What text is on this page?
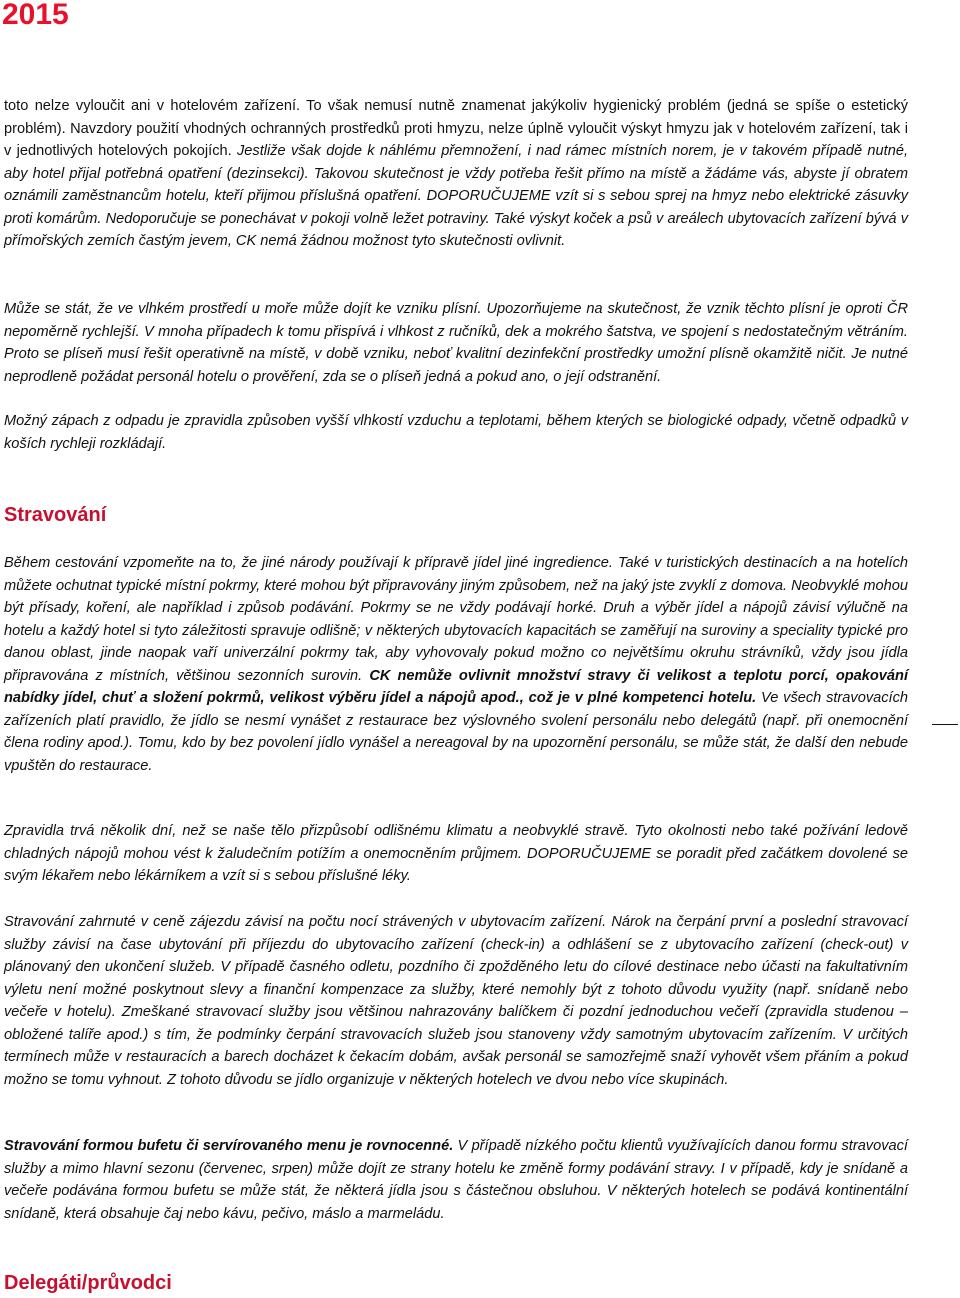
2015

toto nelze vyloučit ani v hotelovém zařízení. To však nemusí nutně znamenat jakýkoliv hygienický problém (jedná se spíše o estetický problém). Navzdory použití vhodných ochranných prostředků proti hmyzu, nelze úplně vyloučit výskyt hmyzu jak v hotelovém zařízení, tak i v jednotlivých hotelových pokojích. Jestliže však dojde k náhlému přemnožení, i nad rámec místních norem, je v takovém případě nutné, aby hotel přijal potřebná opatření (dezinsekci). Takovou skutečnost je vždy potřeba řešit přímo na místě a žádáme vás, abyste jí obratem oznámili zaměstnancům hotelu, kteří přijmou příslušná opatření. DOPORUČUJEME vzít si s sebou sprej na hmyz nebo elektrické zásuvky proti komárům. Nedoporučuje se ponechávat v pokoji volně ležet potraviny. Také výskyt koček a psů v areálech ubytovacích zařízení bývá v přímořských zemích častým jevem, CK nemá žádnou možnost tyto skutečnosti ovlivnit.

Může se stát, že ve vlhkém prostředí u moře může dojít ke vzniku plísní. Upozorňujeme na skutečnost, že vznik těchto plísní je oproti ČR nepoměrně rychlejší. V mnoha případech k tomu přispívá i vlhkost z ručníků, dek a mokrého šatstva, ve spojení s nedostatečným větráním. Proto se plíseň musí řešit operativně na místě, v době vzniku, neboť kvalitní dezinfekční prostředky umožní plísně okamžitě ničit. Je nutné neprodleně požádat personál hotelu o prověření, zda se o plíseň jedná a pokud ano, o její odstranění.

Možný zápach z odpadu je zpravidla způsoben vyšší vlhkostí vzduchu a teplotami, během kterých se biologické odpady, včetně odpadků v koších rychleji rozkládají.

Stravování

Během cestování vzpomeňte na to, že jiné národy používají k přípravě jídel jiné ingredience. Také v turistických destinacích a na hotelích můžete ochutnat typické místní pokrmy, které mohou být připravovány jiným způsobem, než na jaký jste zvyklí z domova. Neobvyklé mohou být přísady, koření, ale například i způsob podávání. Pokrmy se ne vždy podávají horké. Druh a výběr jídel a nápojů závisí výlučně na hotelu a každý hotel si tyto záležitosti spravuje odlišně; v některých ubytovacích kapacitách se zaměřují na suroviny a speciality typické pro danou oblast, jinde naopak vaří univerzální pokrmy tak, aby vyhovovaly pokud možno co největšímu okruhu strávníků, vždy jsou jídla připravována z místních, většinou sezonních surovin. CK nemůže ovlivnit množství stravy či velikost a teplotu porcí, opakování nabídky jídel, chuť a složení pokrmů, velikost výběru jídel a nápojů apod., což je v plné kompetenci hotelu. Ve všech stravovacích zařízeních platí pravidlo, že jídlo se nesmí vynášet z restaurace bez výslovného svolení personálu nebo delegátů (např. při onemocnění člena rodiny apod.). Tomu, kdo by bez povolení jídlo vynášel a nereagoval by na upozornění personálu, se může stát, že další den nebude vpuštěn do restaurace.

Zpravidla trvá několik dní, než se naše tělo přizpůsobí odlišnému klimatu a neobvyklé stravě. Tyto okolnosti nebo také požívání ledově chladných nápojů mohou vést k žaludečním potížím a onemocněním průjmem. DOPORUČUJEME se poradit před začátkem dovolené se svým lékařem nebo lékárníkem a vzít si s sebou příslušné léky.

Stravování zahrnuté v ceně zájezdu závisí na počtu nocí strávených v ubytovacím zařízení. Nárok na čerpání první a poslední stravovací služby závisí na čase ubytování při příjezdu do ubytovacího zařízení (check-in) a odhlášení se z ubytovacího zařízení (check-out) v plánovaný den ukončení služeb. V případě časného odletu, pozdního či zpožděného letu do cílové destinace nebo účasti na fakultativním výletu není možné poskytnout slevy a finanční kompenzace za služby, které nemohly být z tohoto důvodu využity (např. snídaně nebo večeře v hotelu). Zmeškané stravovací služby jsou většinou nahrazovány balíčkem či pozdní jednoduchou večeří (zpravidla studenou – obložené talíře apod.) s tím, že podmínky čerpání stravovacích služeb jsou stanoveny vždy samotným ubytovacím zařízením. V určitých termínech může v restauracích a barech docházet k čekacím dobám, avšak personál se samozřejmě snaží vyhovět všem přáním a pokud možno se tomu vyhnout. Z tohoto důvodu se jídlo organizuje v některých hotelech ve dvou nebo více skupinách.

Stravování formou bufetu či servírovaného menu je rovnocenné. V případě nízkého počtu klientů využívajících danou formu stravovací služby a mimo hlavní sezonu (červenec, srpen) může dojít ze strany hotelu ke změně formy podávání stravy. I v případě, kdy je snídaně a večeře podávána formou bufetu se může stát, že některá jídla jsou s částečnou obsluhou. V některých hotelech se podává kontinentální snídaně, která obsahuje čaj nebo kávu, pečivo, máslo a marmeládu.

Delegáti/průvodci
